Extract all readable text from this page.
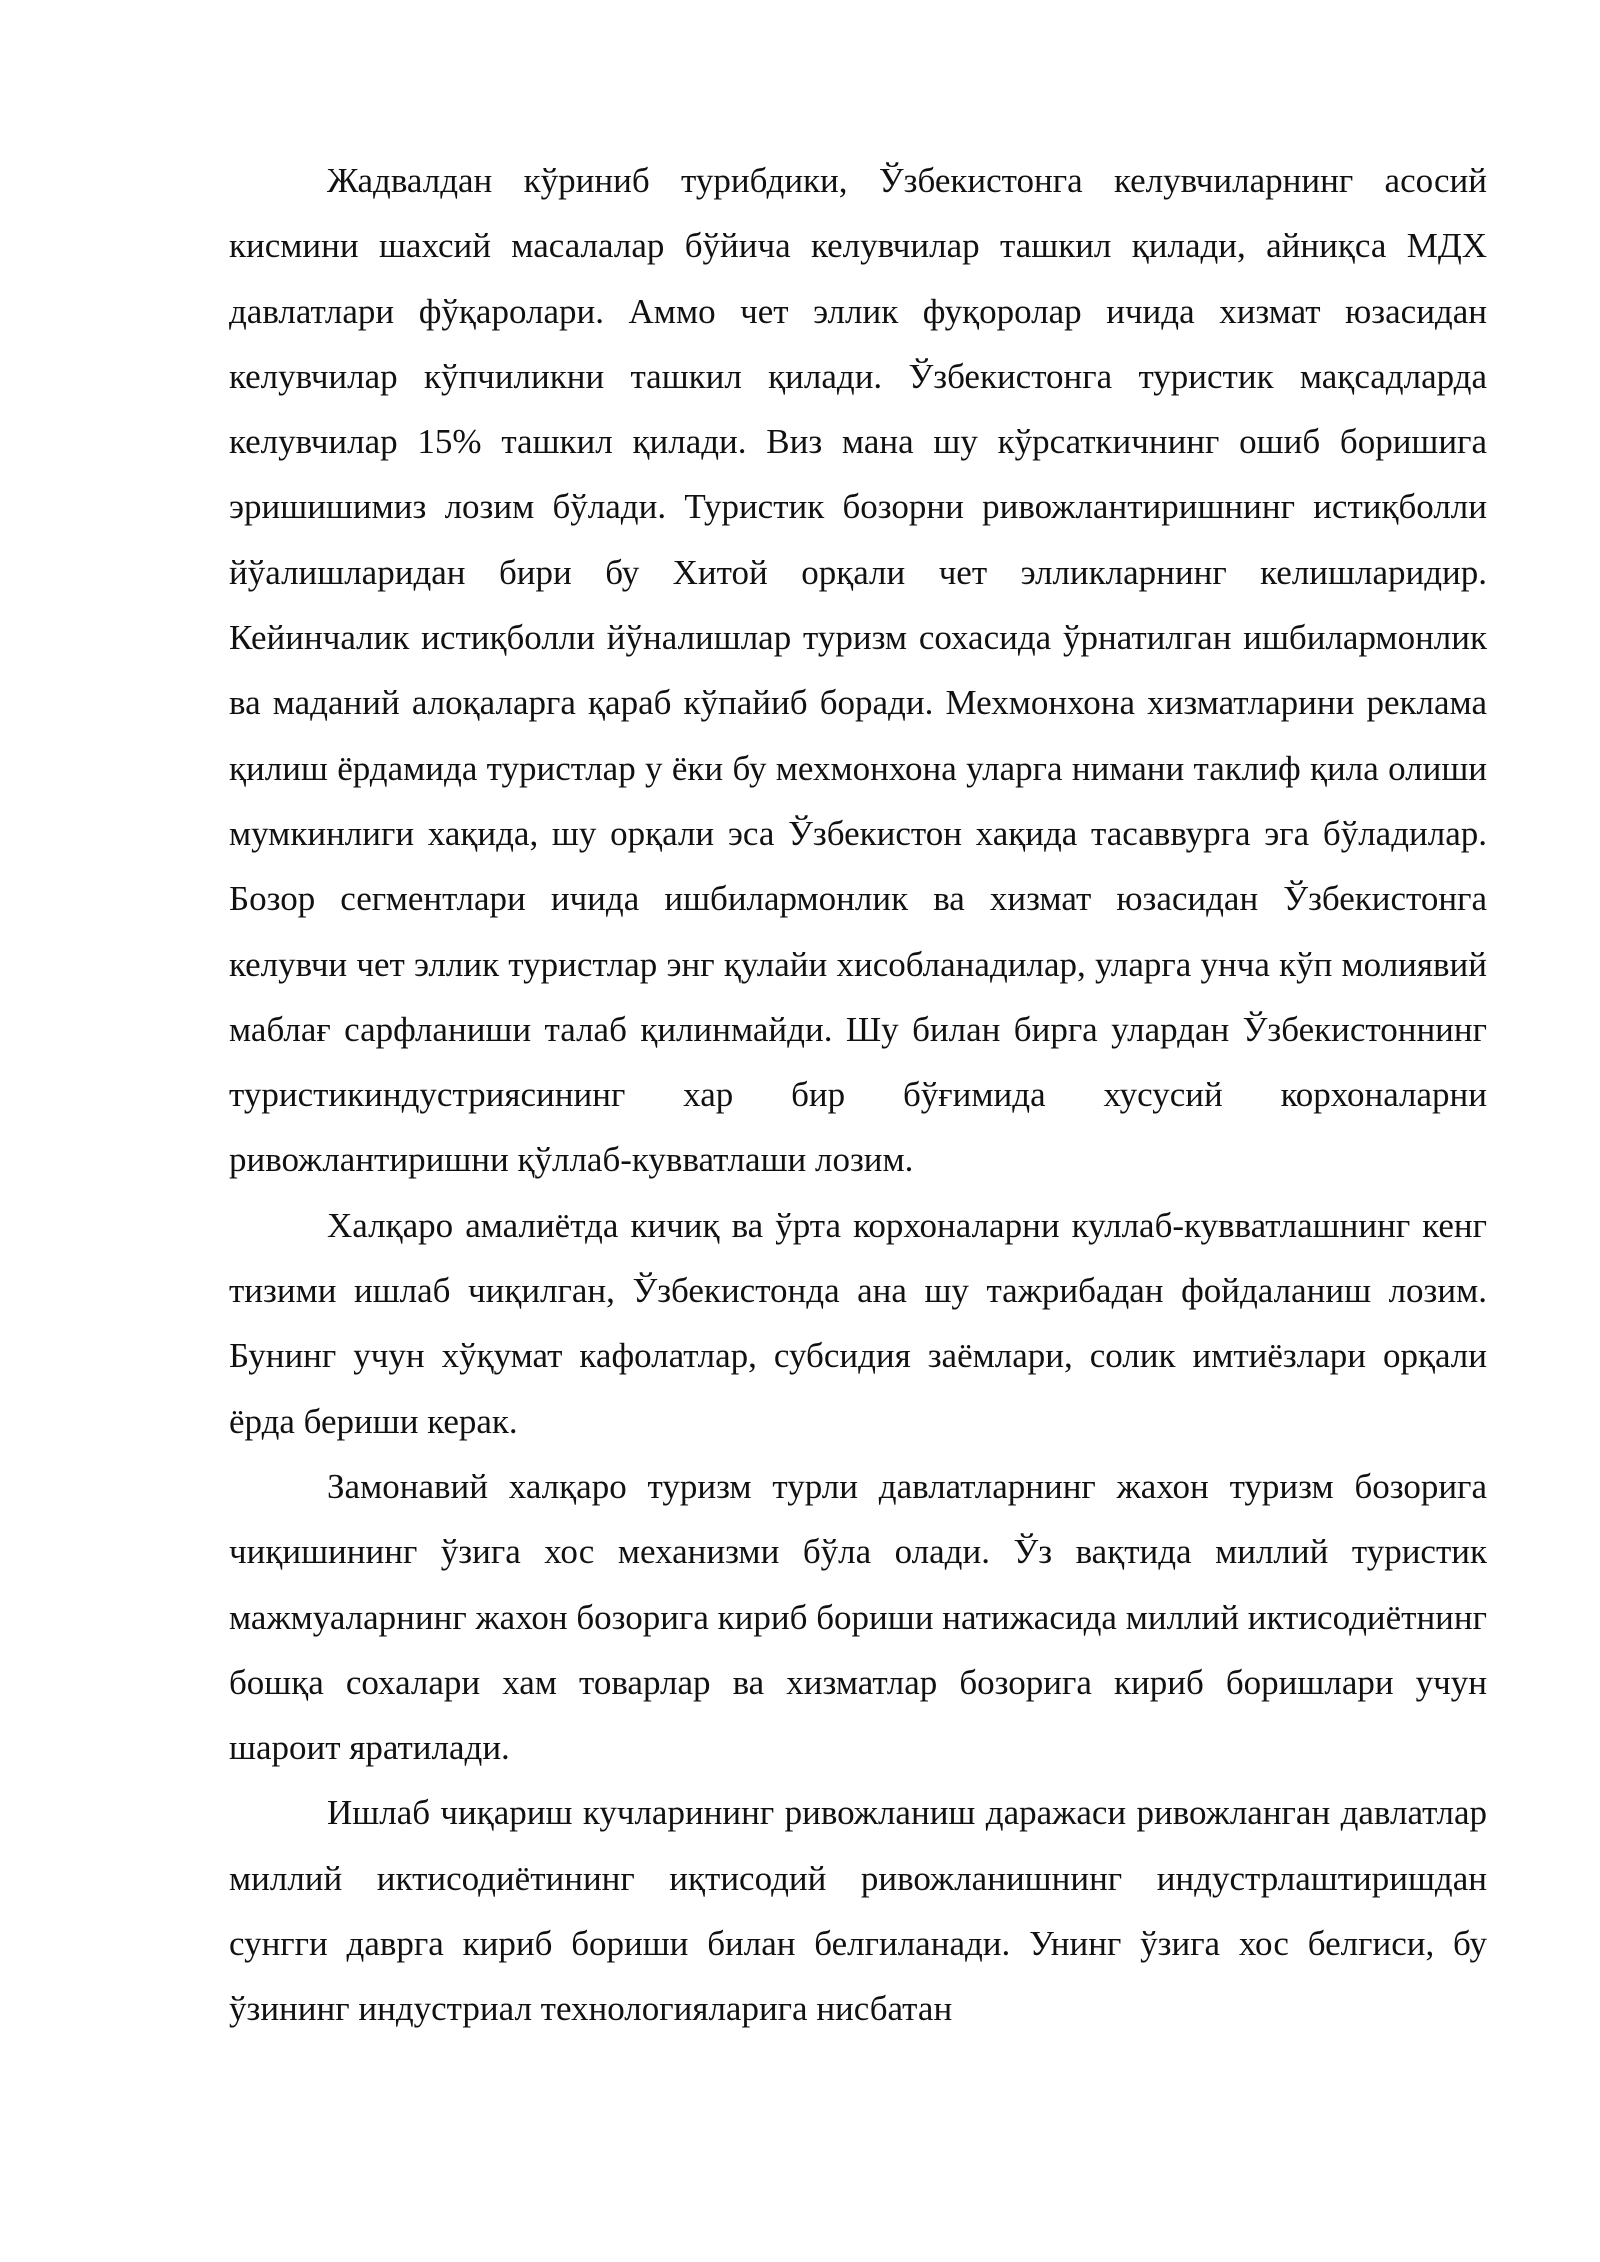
Жадвалдан кўриниб турибдики, Ўзбекистонга келувчиларнинг асосий кисмини шахсий масалалар бўйича келувчилар ташкил қилади, айниқса МДХ давлатлари фўқаролари. Аммо чет эллик фуқоролар ичида хизмат юзасидан келувчилар кўпчиликни ташкил қилади. Ўзбекистонга туристик мақсадларда келувчилар 15% ташкил қилади. Виз мана шу кўрсаткичнинг ошиб боришига эришишимиз лозим бўлади. Туристик бозорни ривожлантиришнинг истиқболли йўалишларидан бири бу Хитой орқали чет элликларнинг келишларидир. Кейинчалик истиқболли йўналишлар туризм сохасида ўрнатилган ишбилармонлик ва маданий алоқаларга қараб кўпайиб боради. Мехмонхона хизматларини реклама қилиш ёрдамида туристлар у ёки бу мехмонхона уларга нимани таклиф қила олиши мумкинлиги хақида, шу орқали эса Ўзбекистон хақида тасаввурга эга бўладилар. Бозор сегментлари ичида ишбилармонлик ва хизмат юзасидан Ўзбекистонга келувчи чет эллик туристлар энг қулайи хисобланадилар, уларга унча кўп молиявий маблағ сарфланиши талаб қилинмайди. Шу билан бирга улардан Ўзбекистоннинг туристикиндустриясининг хар бир бўғимида хусусий корхоналарни ривожлантиришни қўллаб-кувватлаши лозим.

Халқаро амалиётда кичиқ ва ўрта корхоналарни куллаб-кувватлашнинг кенг тизими ишлаб чиқилган, Ўзбекистонда ана шу тажрибадан фойдаланиш лозим. Бунинг учун хўқумат кафолатлар, субсидия заёмлари, солик имтиёзлари орқали ёрда бериши керак.

Замонавий халқаро туризм турли давлатларнинг жахон туризм бозорига чиқишининг ўзига хос механизми бўла олади. Ўз вақтида миллий туристик мажмуаларнинг жахон бозорига кириб бориши натижасида миллий иктисодиётнинг бошқа сохалари хам товарлар ва хизматлар бозорига кириб боришлари учун шароит яратилади.

Ишлаб чиқариш кучларининг ривожланиш даражаси ривожланган давлатлар миллий иктисодиётининг иқтисодий ривожланишнинг индустрлаштиришдан сунгги даврга кириб бориши билан белгиланади. Унинг ўзига хос белгиси, бу ўзининг индустриал технологияларига нисбатан
